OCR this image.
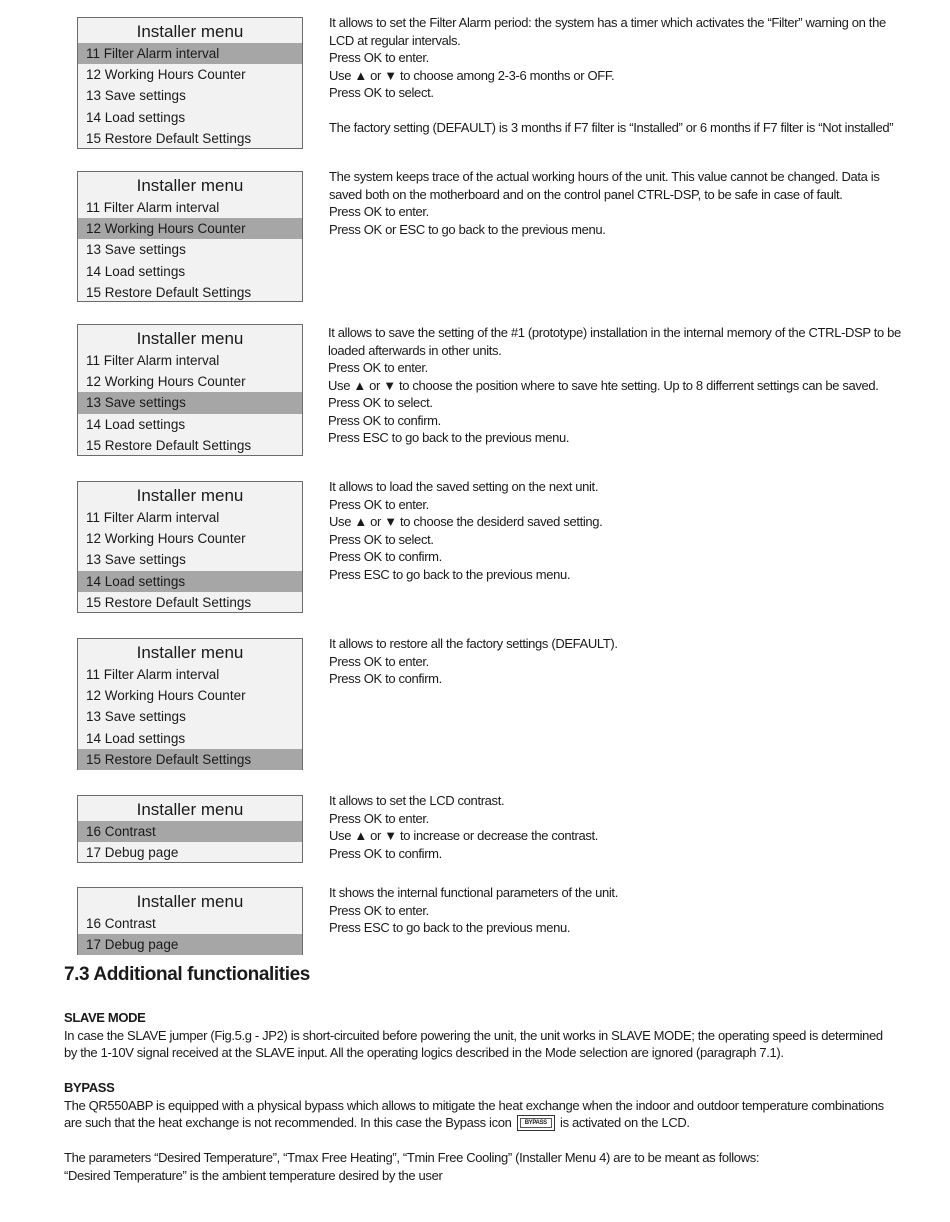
Installer menu
11 Filter Alarm interval
12 Working Hours Counter
13 Save settings
14 Load settings
15 Restore Default Settings
Installer menu
11 Filter Alarm interval
12 Working Hours Counter
13 Save settings
14 Load settings
15 Restore Default Settings
Installer menu
11 Filter Alarm interval
12 Working Hours Counter
13 Save settings
14 Load settings
15 Restore Default Settings
Installer menu
11 Filter Alarm interval
12 Working Hours Counter
13 Save settings
14 Load settings
15 Restore Default Settings
Installer menu
11 Filter Alarm interval
12 Working Hours Counter
13 Save settings
14 Load settings
15 Restore Default Settings
Installer menu
16 Contrast
17 Debug page
Installer menu
16 Contrast
17 Debug page

It allows to set the Filter Alarm period: the system has a timer which activates the “Filter” warning on the

LCD at regular intervals.

Press OK to enter.

Use ▲ or ▼ to choose among 2-3-6 months or OFF.

Press OK to select.

The factory setting (DEFAULT) is 3 months if F7 filter is “Installed” or 6 months if F7 filter is “Not installed”

The system keeps trace of the actual working hours of the unit. This value cannot be changed. Data is

saved both on the motherboard and on the control panel CTRL-DSP, to be safe in case of fault.

Press OK to enter.

Press OK or ESC to go back to the previous menu.

It allows to save the setting of the #1 (prototype) installation in the internal memory of the CTRL-DSP to be

loaded afterwards in other units.

Press OK to enter.

Use ▲ or ▼ to choose the position where to save hte setting. Up to 8 differrent settings can be saved.

Press OK to select.

Press OK to confirm.

Press ESC to go back to the previous menu.

It allows to load the saved setting on the next unit.

Press OK to enter.

Use ▲ or ▼ to choose the desiderd saved setting.

Press OK to select.

Press OK to confirm.

Press ESC to go back to the previous menu.

It allows to restore all the factory settings (DEFAULT).

Press OK to enter.

Press OK to confirm.

It allows to set the LCD contrast.

Press OK to enter.

Use ▲ or ▼ to increase or decrease the contrast.

Press OK to confirm.

It shows the internal functional parameters of the unit.

Press OK to enter.

Press ESC to go back to the previous menu.

7.3 Additional functionalities

SLAVE MODE

In case the SLAVE jumper (Fig.5.g - JP2) is short-circuited before powering the unit, the unit works in SLAVE MODE; the operating speed is determined by the 1-10V signal received at the SLAVE input. All the operating logics described in the Mode selection are ignored (paragraph 7.1).

BYPASS

The QR550ABP is equipped with a physical bypass which allows to mitigate the heat exchange when the indoor and outdoor temperature combinations are such that the heat exchange is not recommended. In this case the Bypass icon	BYPASS	is activated on the LCD.

The parameters “Desired Temperature”, “Tmax Free Heating”, “Tmin Free Cooling” (Installer Menu 4) are to be meant as follows:

“Desired Temperature” is the ambient temperature desired by the user
